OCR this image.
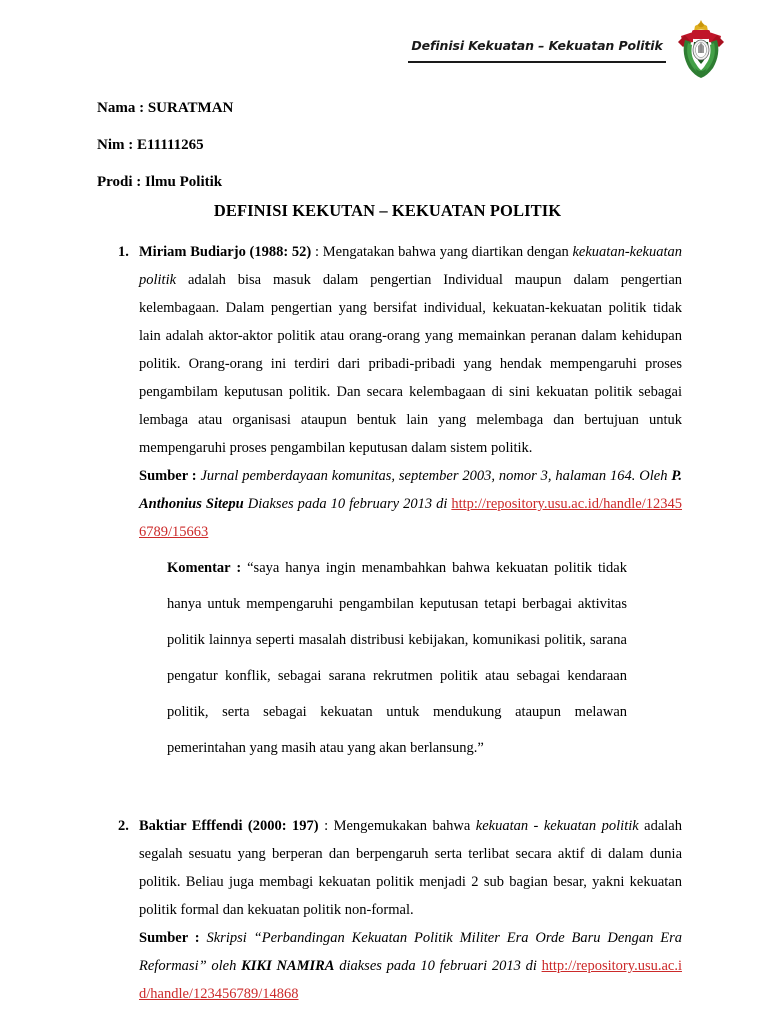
Definisi Kekuatan – Kekuatan Politik
Nama : SURATMAN
Nim : E11111265
Prodi : Ilmu Politik
DEFINISI KEKUTAN – KEKUATAN POLITIK
1. Miriam Budiarjo (1988: 52) : Mengatakan bahwa yang diartikan dengan kekuatan-kekuatan politik adalah bisa masuk dalam pengertian Individual maupun dalam pengertian kelembagaan. Dalam pengertian yang bersifat individual, kekuatan-kekuatan politik tidak lain adalah aktor-aktor politik atau orang-orang yang memainkan peranan dalam kehidupan politik. Orang-orang ini terdiri dari pribadi-pribadi yang hendak mempengaruhi proses pengambilam keputusan politik. Dan secara kelembagaan di sini kekuatan politik sebagai lembaga atau organisasi ataupun bentuk lain yang melembaga dan bertujuan untuk mempengaruhi proses pengambilan keputusan dalam sistem politik.

Sumber : Jurnal pemberdayaan komunitas, september 2003, nomor 3, halaman 164. Oleh P. Anthonius Sitepu Diakses pada 10 february 2013 di http://repository.usu.ac.id/handle/123456789/15663

Komentar : “saya hanya ingin menambahkan bahwa kekuatan politik tidak hanya untuk mempengaruhi pengambilan keputusan tetapi berbagai aktivitas politik lainnya seperti masalah distribusi kebijakan, komunikasi politik, sarana pengatur konflik, sebagai sarana rekrutmen politik atau sebagai kendaraan politik, serta sebagai kekuatan untuk mendukung ataupun melawan pemerintahan yang masih atau yang akan berlansung.”
2. Baktiar Efffendi (2000: 197) : Mengemukakan bahwa kekuatan - kekuatan politik adalah segalah sesuatu yang berperan dan berpengaruh serta terlibat secara aktif di dalam dunia politik. Beliau juga membagi kekuatan politik menjadi 2 sub bagian besar, yakni kekuatan politik formal dan kekuatan politik non-formal.

Sumber : Skripsi “Perbandingan Kekuatan Politik Militer Era Orde Baru Dengan Era Reformasi” oleh KIKI NAMIRA diakses pada 10 februari 2013 di http://repository.usu.ac.id/handle/123456789/14868
